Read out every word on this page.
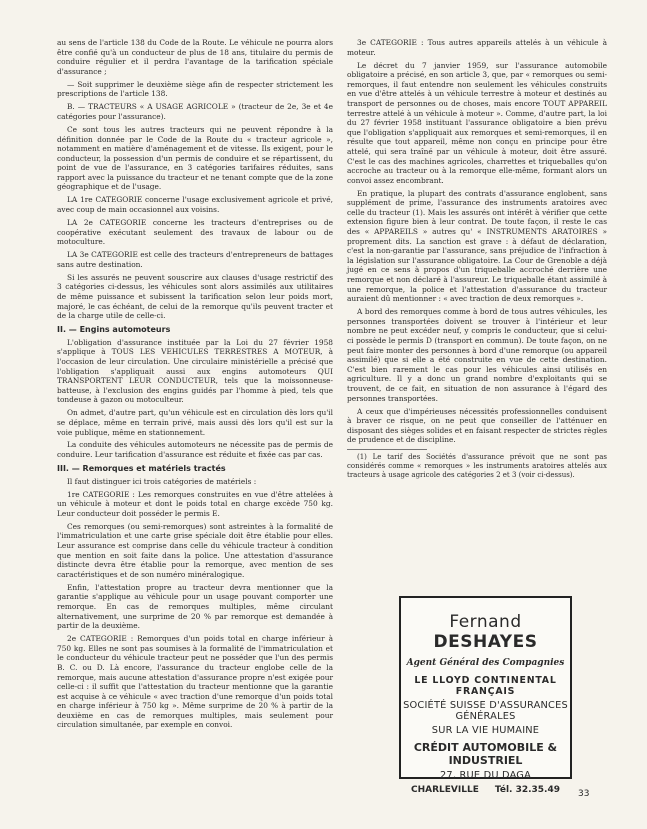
au sens de l'article 138 du Code de la Route. Le véhicule ne pourra alors être confié qu'à un conducteur de plus de 18 ans, titulaire du permis de conduire régulier et il perdra l'avantage de la tarification spéciale d'assurance ;

— Soit supprimer le deuxième siège afin de respecter strictement les prescriptions de l'article 138.

B. — TRACTEURS « A USAGE AGRICOLE » (tracteur de 2e, 3e et 4e catégories pour l'assurance).

Ce sont tous les autres tracteurs qui ne peuvent répondre à la définition donnée par le Code de la Route du « tracteur agricole », notamment en matière d'aménagement et de vitesse. Ils exigent, pour le conducteur, la possession d'un permis de conduire et se répartissent, du point de vue de l'assurance, en 3 catégories tarifaires réduites, sans rapport avec la puissance du tracteur et ne tenant compte que de la zone géographique et de l'usage.

LA 1re CATEGORIE concerne l'usage exclusivement agricole et privé, avec coup de main occasionnel aux voisins.

LA 2e CATEGORIE concerne les tracteurs d'entreprises ou de coopérative exécutant seulement des travaux de labour ou de motoculture.

LA 3e CATEGORIE est celle des tracteurs d'entrepreneurs de battages sans autre destination.

Si les assurés ne peuvent souscrire aux clauses d'usage restrictif des 3 catégories ci-dessus, les véhicules sont alors assimilés aux utilitaires de même puissance et subissent la tarification selon leur poids mort, majoré, le cas échéant, de celui de la remorque qu'ils peuvent tracter et de la charge utile de celle-ci.

II. — Engins automoteurs

L'obligation d'assurance instituée par la Loi du 27 février 1958 s'applique à TOUS LES VEHICULES TERRESTRES A MOTEUR, à l'occasion de leur circulation. Une circulaire ministérielle a précisé que l'obligation s'appliquait aussi aux engins automoteurs QUI TRANSPORTENT LEUR CONDUCTEUR, tels que la moissonneuse-batteuse, à l'exclusion des engins guidés par l'homme à pied, tels que tondeuse à gazon ou motoculteur.

On admet, d'autre part, qu'un véhicule est en circulation dès lors qu'il se déplace, même en terrain privé, mais aussi dès lors qu'il est sur la voie publique, même en stationnement.

La conduite des véhicules automoteurs ne nécessite pas de permis de conduire. Leur tarification d'assurance est réduite et fixée cas par cas.

III. — Remorques et matériels tractés

Il faut distinguer ici trois catégories de matériels :

1re CATEGORIE : Les remorques construites en vue d'être attelées à un véhicule à moteur et dont le poids total en charge excède 750 kg. Leur conducteur doit posséder le permis E.

Ces remorques (ou semi-remorques) sont astreintes à la formalité de l'immatriculation et une carte grise spéciale doit être établie pour elles. Leur assurance est comprise dans celle du véhicule tracteur à condition que mention en soit faite dans la police. Une attestation d'assurance distincte devra être établie pour la remorque, avec mention de ses caractéristiques et de son numéro minéralogique.

Enfin, l'attestation propre au tracteur devra mentionner que la garantie s'applique au véhicule pour un usage pouvant comporter une remorque. En cas de remorques multiples, même circulant alternativement, une surprime de 20 % par remorque est demandée à partir de la deuxième.

2e CATEGORIE : Remorques d'un poids total en charge inférieur à 750 kg. Elles ne sont pas soumises à la formalité de l'immatriculation et le conducteur du véhicule tracteur peut ne posséder que l'un des permis B. C. ou D. Là encore, l'assurance du tracteur englobe celle de la remorque, mais aucune attestation d'assurance propre n'est exigée pour celle-ci : il suffit que l'attestation du tracteur mentionne que la garantie est acquise à ce véhicule « avec traction d'une remorque d'un poids total en charge inférieur à 750 kg ». Même surprime de 20 % à partir de la deuxième en cas de remorques multiples, mais seulement pour circulation simultanée, par exemple en convoi.

3e CATEGORIE : Tous autres appareils attelés à un véhicule à moteur.

Le décret du 7 janvier 1959, sur l'assurance automobile obligatoire a précisé, en son article 3, que, par « remorques ou semi-remorques, il faut entendre non seulement les véhicules construits en vue d'être attelés à un véhicule terrestre à moteur et destinés au transport de personnes ou de choses, mais encore TOUT APPAREIL terrestre attelé à un véhicule à moteur ». Comme, d'autre part, la loi du 27 février 1958 instituant l'assurance obligatoire a bien prévu que l'obligation s'appliquait aux remorques et semi-remorques, il en résulte que tout appareil, même non conçu en principe pour être attelé, qui sera traîné par un véhicule à moteur, doit être assuré. C'est le cas des machines agricoles, charrettes et triqueballes qu'on accroche au tracteur ou à la remorque elle-même, formant alors un convoi assez encombrant.

En pratique, la plupart des contrats d'assurance englobent, sans supplément de prime, l'assurance des instruments aratoires avec celle du tracteur (1). Mais les assurés ont intérêt à vérifier que cette extension figure bien à leur contrat. De toute façon, il reste le cas des « APPAREILS » autres qu' « INSTRUMENTS ARATOIRES » proprement dits. La sanction est grave : à défaut de déclaration, c'est la non-garantie par l'assurance, sans préjudice de l'infraction à la législation sur l'assurance obligatoire. La Cour de Grenoble a déjà jugé en ce sens à propos d'un triqueballe accroché derrière une remorque et non déclaré à l'assureur. Le triqueballe étant assimilé à une remorque, la police et l'attestation d'assurance du tracteur auraient dû mentionner : « avec traction de deux remorques ».

A bord des remorques comme à bord de tous autres véhicules, les personnes transportées doivent se trouver à l'intérieur et leur nombre ne peut excéder neuf, y compris le conducteur, que si celui-ci possède le permis D (transport en commun). De toute façon, on ne peut faire monter des personnes à bord d'une remorque (ou appareil assimilé) que si elle a été construite en vue de cette destination. C'est bien rarement le cas pour les véhicules ainsi utilisés en agriculture. Il y a donc un grand nombre d'exploitants qui se trouvent, de ce fait, en situation de non assurance à l'égard des personnes transportées.

A ceux que d'impérieuses nécessités professionnelles conduisent à braver ce risque, on ne peut que conseiller de l'atténuer en disposant des sièges solides et en faisant respecter de strictes règles de prudence et de discipline.

(1) Le tarif des Sociétés d'assurance prévoit que ne sont pas considérés comme « remorques » les instruments aratoires attelés aux tracteurs à usage agricole des catégories 2 et 3 (voir ci-dessus).

Fernand DESHAYES
Agent Général des Compagnies
LE LLOYD CONTINENTAL FRANÇAIS
SOCIÉTÉ SUISSE D'ASSURANCES GÉNÉRALES
SUR LA VIE HUMAINE
CRÉDIT AUTOMOBILE & INDUSTRIEL
27, RUE DU DAGA
CHARLEVILLE Tél. 32.35.49 33
